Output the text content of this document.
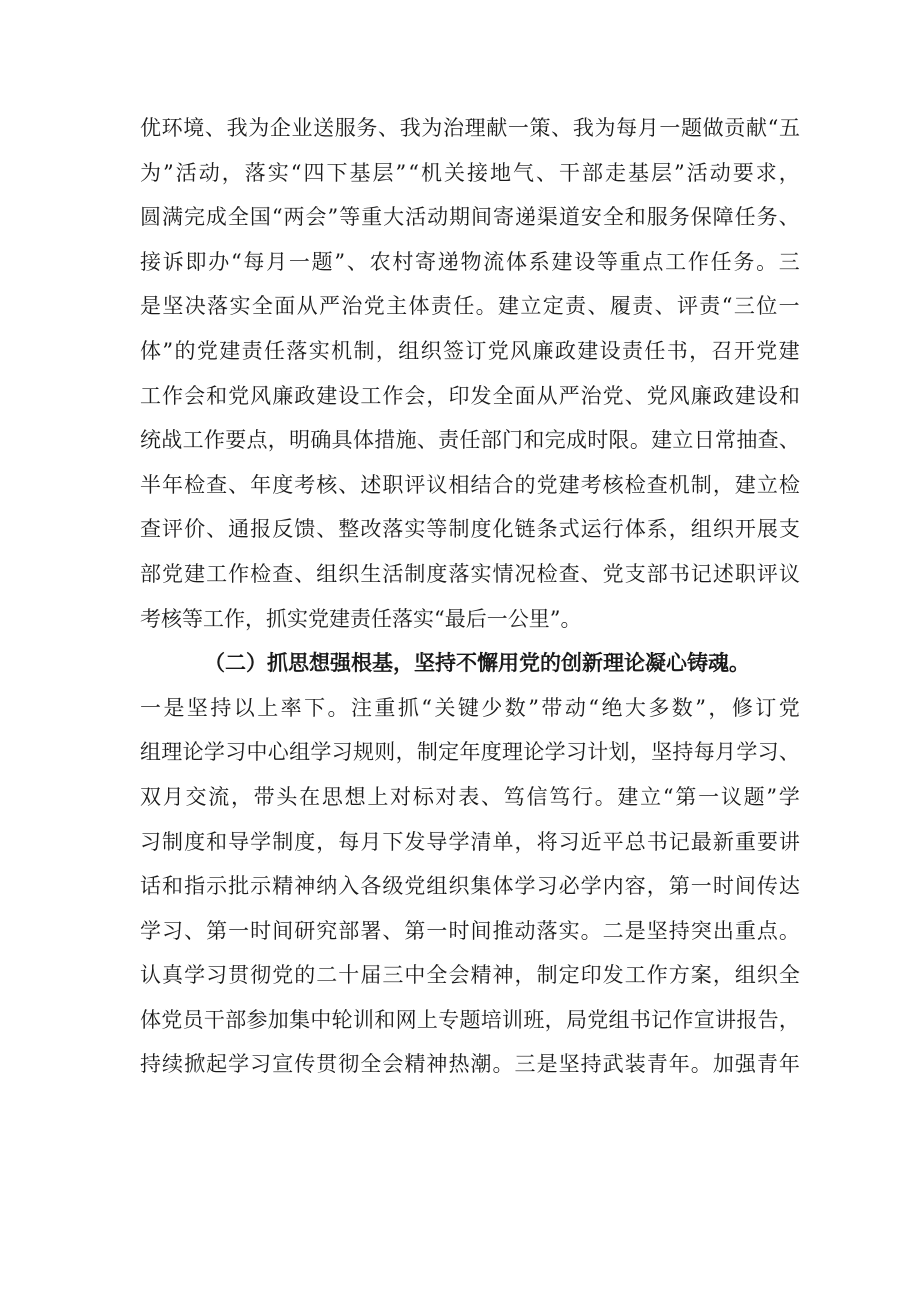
优 环 境 、 我 为 企 业 送 服 务 、 我 为 治 理 献 一 策 、 我 为 每 月 一 题 做 贡 献 “ 五
为 ” 活 动 ， 落 实 “ 四 下 基 层 ” “ 机 关 接 地 气 、 干 部 走 基 层 ” 活 动 要 求 ，
圆 满 完 成 全 国 “ 两 会 ” 等 重 大 活 动 期 间 寄 递 渠 道 安 全 和 服 务 保 障 任 务 、
接 诉 即 办 “ 每 月 一 题 ” 、 农 村 寄 递 物 流 体 系 建 设 等 重 点 工 作 任 务 。 三
是 坚 决 落 实 全 面 从 严 治 党 主 体 责 任 。 建 立 定 责 、 履 责 、 评 责 “ 三 位 一
体 ” 的 党 建 责 任 落 实 机 制 ， 组 织 签 订 党 风 廉 政 建 设 责 任 书 ， 召 开 党 建
工 作 会 和 党 风 廉 政 建 设 工 作 会 ， 印 发 全 面 从 严 治 党 、 党 风 廉 政 建 设 和
统 战 工 作 要 点 ， 明 确 具 体 措 施 、 责 任 部 门 和 完 成 时 限 。 建 立 日 常 抽 查 、
半 年 检 查 、 年 度 考 核 、 述 职 评 议 相 结 合 的 党 建 考 核 检 查 机 制 ， 建 立 检
查 评 价 、 通 报 反 馈 、 整 改 落 实 等 制 度 化 链 条 式 运 行 体 系 ， 组 织 开 展 支
部 党 建 工 作 检 查 、 组 织 生 活 制 度 落 实 情 况 检 查 、 党 支 部 书 记 述 职 评 议
考核等工作，抓实党建责任落实“最后一公里”。
（二）抓思想强根基，坚持不懈用党的创新理论凝心铸魂。
一 是 坚 持 以 上 率 下 。 注 重 抓 “ 关 键 少 数 ” 带 动 “ 绝 大 多 数 ” ， 修 订 党
组 理 论 学 习 中 心 组 学 习 规 则 ， 制 定 年 度 理 论 学 习 计 划 ， 坚 持 每 月 学 习 、
双 月 交 流 ， 带 头 在 思 想 上 对 标 对 表 、 笃 信 笃 行 。 建 立 “ 第 一 议 题 ” 学
习 制 度 和 导 学 制 度 ， 每 月 下 发 导 学 清 单 ， 将 习 近 平 总 书 记 最 新 重 要 讲
话 和 指 示 批 示 精 神 纳 入 各 级 党 组 织 集 体 学 习 必 学 内 容 ， 第 一 时 间 传 达
学 习 、 第 一 时 间 研 究 部 署 、 第 一 时 间 推 动 落 实 。 二 是 坚 持 突 出 重 点 。
认 真 学 习 贯 彻 党 的 二 十 届 三 中 全 会 精 神 ， 制 定 印 发 工 作 方 案 ， 组 织 全
体 党 员 干 部 参 加 集 中 轮 训 和 网 上 专 题 培 训 班 ， 局 党 组 书 记 作 宣 讲 报 告 ，
持 续 掀 起 学 习 宣 传 贯 彻 全 会 精 神 热 潮 。 三 是 坚 持 武 装 青 年 。 加 强 青 年
